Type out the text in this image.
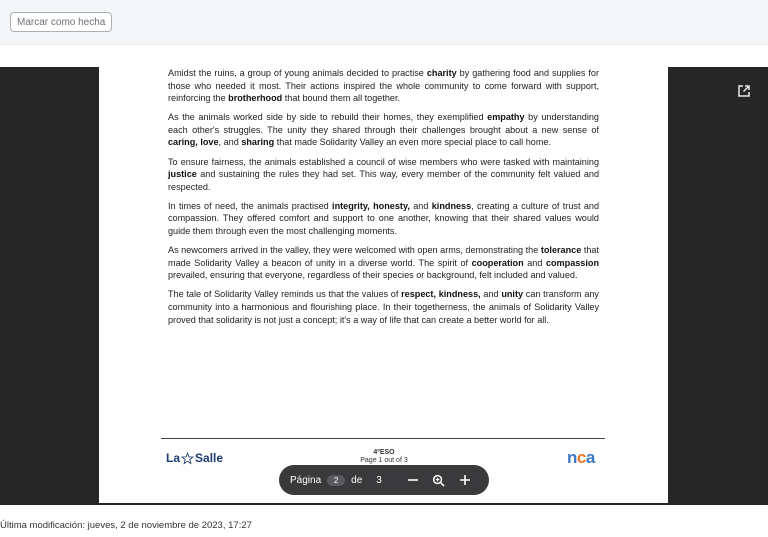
Marcar como hecha

Amidst the ruins, a group of young animals decided to practise charity by gathering food and supplies for those who needed it most. Their actions inspired the whole community to come forward with support, reinforcing the brotherhood that bound them all together.

As the animals worked side by side to rebuild their homes, they exemplified empathy by understanding each other's struggles. The unity they shared through their challenges brought about a new sense of caring, love, and sharing that made Solidarity Valley an even more special place to call home.

To ensure fairness, the animals established a council of wise members who were tasked with maintaining justice and sustaining the rules they had set. This way, every member of the community felt valued and respected.

In times of need, the animals practised integrity, honesty, and kindness, creating a culture of trust and compassion. They offered comfort and support to one another, knowing that their shared values would guide them through even the most challenging moments.

As newcomers arrived in the valley, they were welcomed with open arms, demonstrating the tolerance that made Solidarity Valley a beacon of unity in a diverse world. The spirit of cooperation and compassion prevailed, ensuring that everyone, regardless of their species or background, felt included and valued.

The tale of Solidarity Valley reminds us that the values of respect, kindness, and unity can transform any community into a harmonious and flourishing place. In their togetherness, the animals of Solidarity Valley proved that solidarity is not just a concept; it's a way of life that can create a better world for all.

La Salle	4ºESO
Page 1 out of 3	nca
Página	2	de 3
Última modificación: jueves, 2 de noviembre de 2023, 17:27
